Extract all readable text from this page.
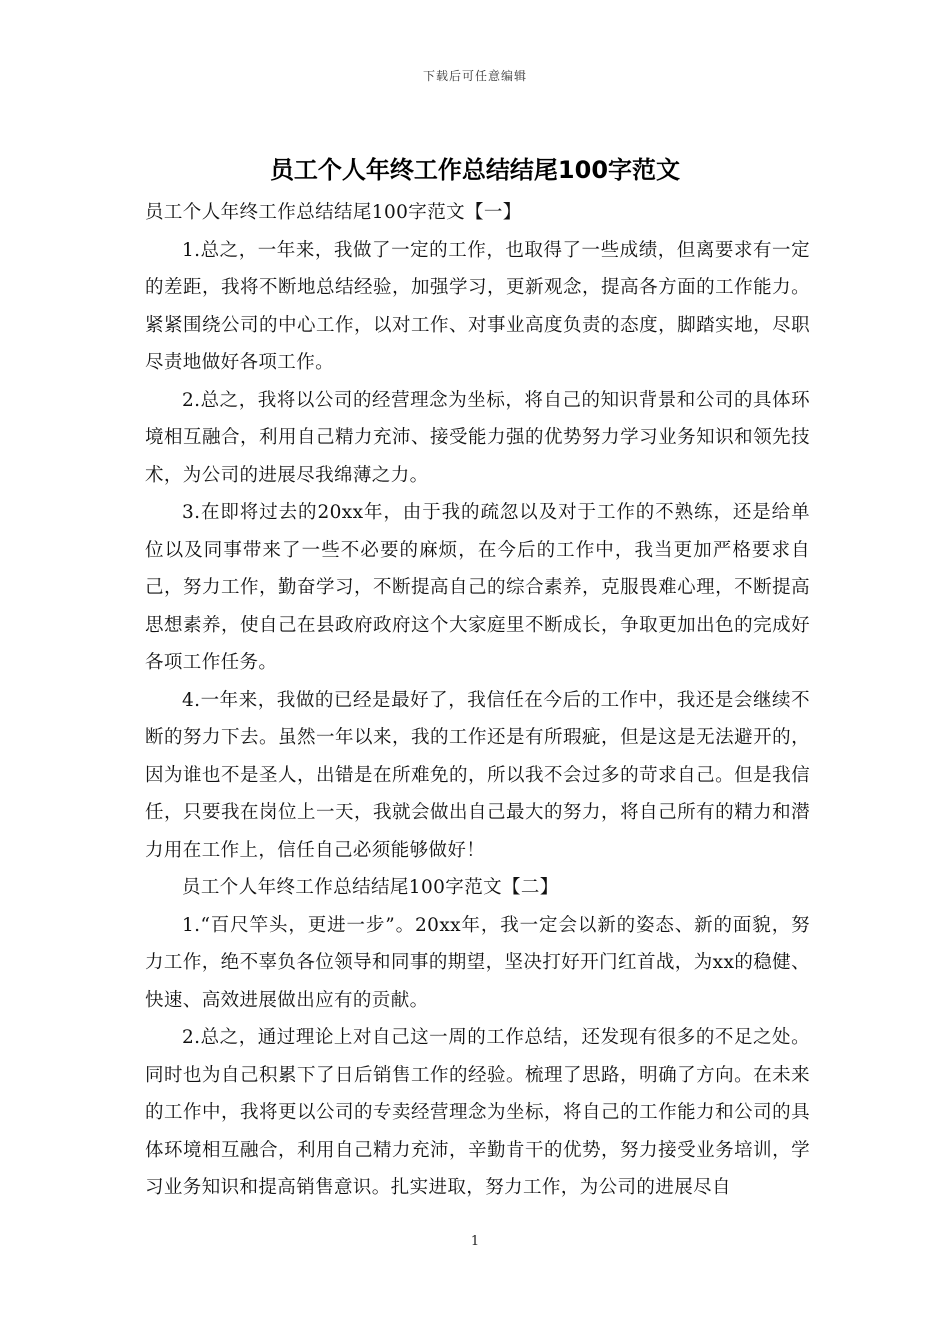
下载后可任意编辑
员工个人年终工作总结结尾100字范文

员工个人年终工作总结结尾100字范文【一】

1.总之，一年来，我做了一定的工作，也取得了一些成绩，但离要求有一定的差距，我将不断地总结经验，加强学习，更新观念，提高各方面的工作能力。紧紧围绕公司的中心工作，以对工作、对事业高度负责的态度，脚踏实地，尽职尽责地做好各项工作。

2.总之，我将以公司的经营理念为坐标，将自己的知识背景和公司的具体环境相互融合，利用自己精力充沛、接受能力强的优势努力学习业务知识和领先技术，为公司的进展尽我绵薄之力。

3.在即将过去的20xx年，由于我的疏忽以及对于工作的不熟练，还是给单位以及同事带来了一些不必要的麻烦，在今后的工作中，我当更加严格要求自己，努力工作，勤奋学习，不断提高自己的综合素养，克服畏难心理，不断提高思想素养，使自己在县政府政府这个大家庭里不断成长，争取更加出色的完成好各项工作任务。

4.一年来，我做的已经是最好了，我信任在今后的工作中，我还是会继续不断的努力下去。虽然一年以来，我的工作还是有所瑕疵，但是这是无法避开的，因为谁也不是圣人，出错是在所难免的，所以我不会过多的苛求自己。但是我信任，只要我在岗位上一天，我就会做出自己最大的努力，将自己所有的精力和潜力用在工作上，信任自己必须能够做好！

员工个人年终工作总结结尾100字范文【二】

1.“百尺竿头，更进一步”。20xx年，我一定会以新的姿态、新的面貌，努力工作，绝不辜负各位领导和同事的期望，坚决打好开门红首战，为xx的稳健、快速、高效进展做出应有的贡献。

2.总之，通过理论上对自己这一周的工作总结，还发现有很多的不足之处。同时也为自己积累下了日后销售工作的经验。梳理了思路，明确了方向。在未来的工作中，我将更以公司的专卖经营理念为坐标，将自己的工作能力和公司的具体环境相互融合，利用自己精力充沛，辛勤肯干的优势，努力接受业务培训，学习业务知识和提高销售意识。扎实进取，努力工作，为公司的进展尽自

1
